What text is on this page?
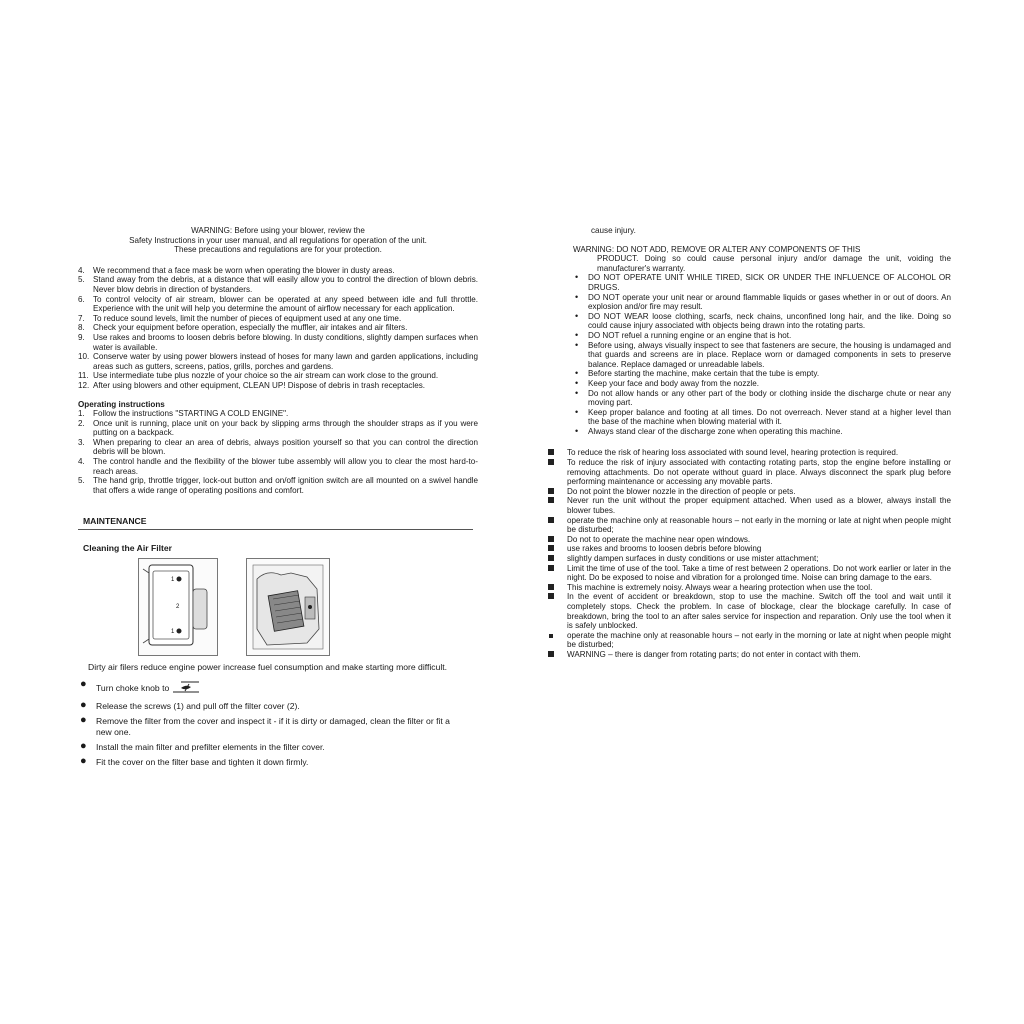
WARNING: Before using your blower, review the
Safety Instructions in your user manual, and all regulations for operation of the unit.
These precautions and regulations are for your protection.
4. We recommend that a face mask be worn when operating the blower in dusty areas.
5. Stand away from the debris, at a distance that will easily allow you to control the direction of blown debris. Never blow debris in direction of bystanders.
6. To control velocity of air stream, blower can be operated at any speed between idle and full throttle. Experience with the unit will help you determine the amount of airflow necessary for each application.
7. To reduce sound levels, limit the number of pieces of equipment used at any one time.
8. Check your equipment before operation, especially the muffler, air intakes and air filters.
9. Use rakes and brooms to loosen debris before blowing. In dusty conditions, slightly dampen surfaces when water is available.
10. Conserve water by using power blowers instead of hoses for many lawn and garden applications, including areas such as gutters, screens, patios, grills, porches and gardens.
11. Use intermediate tube plus nozzle of your choice so the air stream can work close to the ground.
12. After using blowers and other equipment, CLEAN UP! Dispose of debris in trash receptacles.
Operating instructions
1. Follow the instructions "STARTING A COLD ENGINE".
2. Once unit is running, place unit on your back by slipping arms through the shoulder straps as if you were putting on a backpack.
3. When preparing to clear an area of debris, always position yourself so that you can control the direction debris will be blown.
4. The control handle and the flexibility of the blower tube assembly will allow you to clear the most hard-to-reach areas.
5. The hand grip, throttle trigger, lock-out button and on/off ignition switch are all mounted on a swivel handle that offers a wide range of operating positions and comfort.
MAINTENANCE
Cleaning the Air Filter
1
2
1
Dirty air filers reduce engine power increase fuel consumption and make starting more difficult.
● Turn choke knob to
● Release the screws (1) and pull off the filter cover (2).
● Remove the filter from the cover and inspect it - if it is dirty or damaged, clean the filter or fit a new one.
● Install the main filter and prefilter elements in the filter cover.
● Fit the cover on the filter base and tighten it down firmly.
cause injury.
WARNING: DO NOT ADD, REMOVE OR ALTER ANY COMPONENTS OF THIS
PRODUCT. Doing so could cause personal injury and/or damage the unit, voiding the manufacturer's warranty.
• DO NOT OPERATE UNIT WHILE TIRED, SICK OR UNDER THE INFLUENCE OF ALCOHOL OR DRUGS.
• DO NOT operate your unit near or around flammable liquids or gases whether in or out of doors. An explosion and/or fire may result.
• DO NOT WEAR loose clothing, scarfs, neck chains, unconfined long hair, and the like. Doing so could cause injury associated with objects being drawn into the rotating parts.
• DO NOT refuel a running engine or an engine that is hot.
• Before using, always visually inspect to see that fasteners are secure, the housing is undamaged and that guards and screens are in place. Replace worn or damaged components in sets to preserve balance. Replace damaged or unreadable labels.
• Before starting the machine, make certain that the tube is empty.
• Keep your face and body away from the nozzle.
• Do not allow hands or any other part of the body or clothing inside the discharge chute or near any moving part.
• Keep proper balance and footing at all times. Do not overreach. Never stand at a higher level than the base of the machine when blowing material with it.
• Always stand clear of the discharge zone when operating this machine.
To reduce the risk of hearing loss associated with sound level, hearing protection is required.
To reduce the risk of injury associated with contacting rotating parts, stop the engine before installing or removing attachments. Do not operate without guard in place. Always disconnect the spark plug before performing maintenance or accessing any movable parts.
Do not point the blower nozzle in the direction of people or pets.
Never run the unit without the proper equipment attached. When used as a blower, always install the blower tubes.
operate the machine only at reasonable hours – not early in the morning or late at night when people might be disturbed;
Do not to operate the machine near open windows.
use rakes and brooms to loosen debris before blowing
slightly dampen surfaces in dusty conditions or use mister attachment;
Limit the time of use of the tool. Take a time of rest between 2 operations. Do not work earlier or later in the night. Do be exposed to noise and vibration for a prolonged time. Noise can bring damage to the ears.
This machine is extremely noisy. Always wear a hearing protection when use the tool.
In the event of accident or breakdown, stop to use the machine. Switch off the tool and wait until it completely stops. Check the problem. In case of blockage, clear the blockage carefully. In case of breakdown, bring the tool to an after sales service for inspection and reparation. Only use the tool when it is safely unblocked.
operate the machine only at reasonable hours – not early in the morning or late at night when people might be disturbed;
WARNING – there is danger from rotating parts; do not enter in contact with them.
